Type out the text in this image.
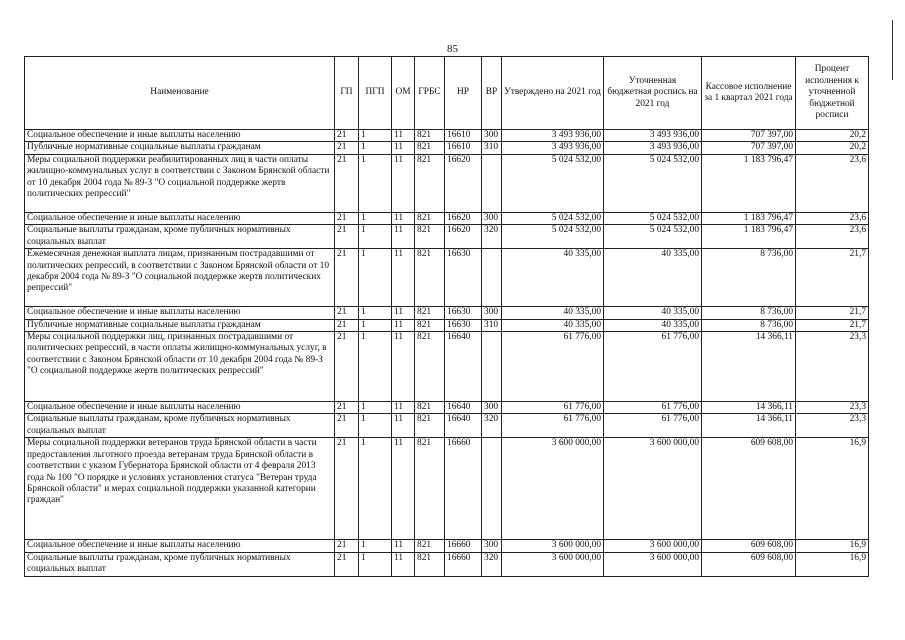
85
Наименование	ГП	ПГП	ОМ	ГРБС	НР	ВР	Утверждено на 2021 год	Уточненная бюджетная роспись на 2021 год	Кассовое исполнение за 1 квартал 2021 года	Процент исполнения к уточненной бюджетной росписи
Социальное обеспечение и иные выплаты населению	21	1	11	821	16610	300	3 493 936,00	3 493 936,00	707 397,00	20,2
Публичные нормативные социальные выплаты гражданам	21	1	11	821	16610	310	3 493 936,00	3 493 936,00	707 397,00	20,2
Меры социальной поддержки реабилитированных лиц в части оплаты жилищно-коммунальных услуг в соответствии с Законом Брянской области от 10 декабря 2004 года № 89-З "О социальной поддержке жертв политических репрессий"	21	1	11	821	16620		5 024 532,00	5 024 532,00	1 183 796,47	23,6
Социальное обеспечение и иные выплаты населению	21	1	11	821	16620	300	5 024 532,00	5 024 532,00	1 183 796,47	23,6
Социальные выплаты гражданам, кроме публичных нормативных социальных выплат	21	1	11	821	16620	320	5 024 532,00	5 024 532,00	1 183 796,47	23,6
Ежемесячная денежная выплата лицам, признанным пострадавшими от политических репрессий, в соответствии с Законом Брянской области от 10 декабря 2004 года № 89-З "О социальной поддержке жертв политических репрессий"	21	1	11	821	16630		40 335,00	40 335,00	8 736,00	21,7
Социальное обеспечение и иные выплаты населению	21	1	11	821	16630	300	40 335,00	40 335,00	8 736,00	21,7
Публичные нормативные социальные выплаты гражданам	21	1	11	821	16630	310	40 335,00	40 335,00	8 736,00	21,7
Меры социальной поддержки лиц, признанных пострадавшими от политических репрессий, в части оплаты жилищно-коммунальных услуг, в соответствии с Законом Брянской области от 10 декабря 2004 года № 89-З "О социальной поддержке жертв политических репрессий"	21	1	11	821	16640		61 776,00	61 776,00	14 366,11	23,3
Социальное обеспечение и иные выплаты населению	21	1	11	821	16640	300	61 776,00	61 776,00	14 366,11	23,3
Социальные выплаты гражданам, кроме публичных нормативных социальных выплат	21	1	11	821	16640	320	61 776,00	61 776,00	14 366,11	23,3
Меры социальной поддержки ветеранов труда Брянской области в части предоставления льготного проезда ветеранам труда Брянской области в соответствии с указом Губернатора Брянской области от 4 февраля 2013 года № 100 "О порядке и условиях установления статуса "Ветеран труда Брянской области" и мерах социальной поддержки указанной категории граждан"	21	1	11	821	16660		3 600 000,00	3 600 000,00	609 608,00	16,9
Социальное обеспечение и иные выплаты населению	21	1	11	821	16660	300	3 600 000,00	3 600 000,00	609 608,00	16,9
Социальные выплаты гражданам, кроме публичных нормативных социальных выплат	21	1	11	821	16660	320	3 600 000,00	3 600 000,00	609 608,00	16,9
